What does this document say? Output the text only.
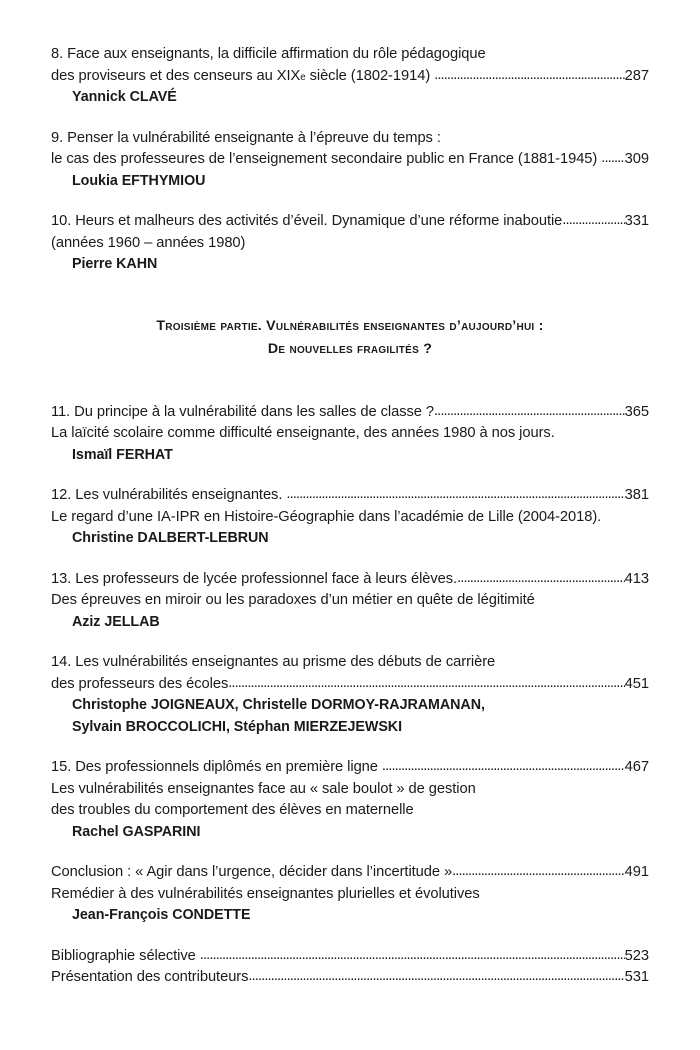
8. Face aux enseignants, la difficile affirmation du rôle pédagogique
des proviseurs et des censeurs au XIX e siècle (1802-1914) .....	287
Yannick CLAVÉ
9. Penser la vulnérabilité enseignante à l’épreuve du temps :
le cas des professeures de l’enseignement secondaire public en France (1881-1945) ..... 309
Loukia EFTHYMIOU
10. Heurs et malheurs des activités d’éveil. Dynamique d’une réforme inaboutie .....	331
(années 1960 – années 1980)
Pierre KAHN
Troisième partie. Vulnérabilités enseignantes d’aujourd’hui :
De nouvelles fragilités ?
11. Du principe à la vulnérabilité dans les salles de classe ? .....	365
La laïcité scolaire comme difficulté enseignante, des années 1980 à nos jours.
Ismaïl FERHAT
12. Les vulnérabilités enseignantes. .....	381
Le regard d’une IA-IPR en Histoire-Géographie dans l’académie de Lille (2004-2018).
Christine DALBERT-LEBRUN
13. Les professeurs de lycée professionnel face à leurs élèves. .....	413
Des épreuves en miroir ou les paradoxes d’un métier en quête de légitimité
Aziz JELLAB
14. Les vulnérabilités enseignantes au prisme des débuts de carrière
des professeurs des écoles .....	451
Christophe JOIGNEAUX, Christelle DORMOY-RAJRAMANAN,
Sylvain BROCCOLICHI, Stéphan MIERZEJEWSKI
15. Des professionnels diplômés en première ligne .....	467
Les vulnérabilités enseignantes face au « sale boulot » de gestion
des troubles du comportement des élèves en maternelle
Rachel GASPARINI
Conclusion : « Agir dans l’urgence, décider dans l’incertitude » .....	491
Remédier à des vulnérabilités enseignantes plurielles et évolutives
Jean-François CONDETTE
Bibliographie sélective .....	523
Présentation des contributeurs .....	531
